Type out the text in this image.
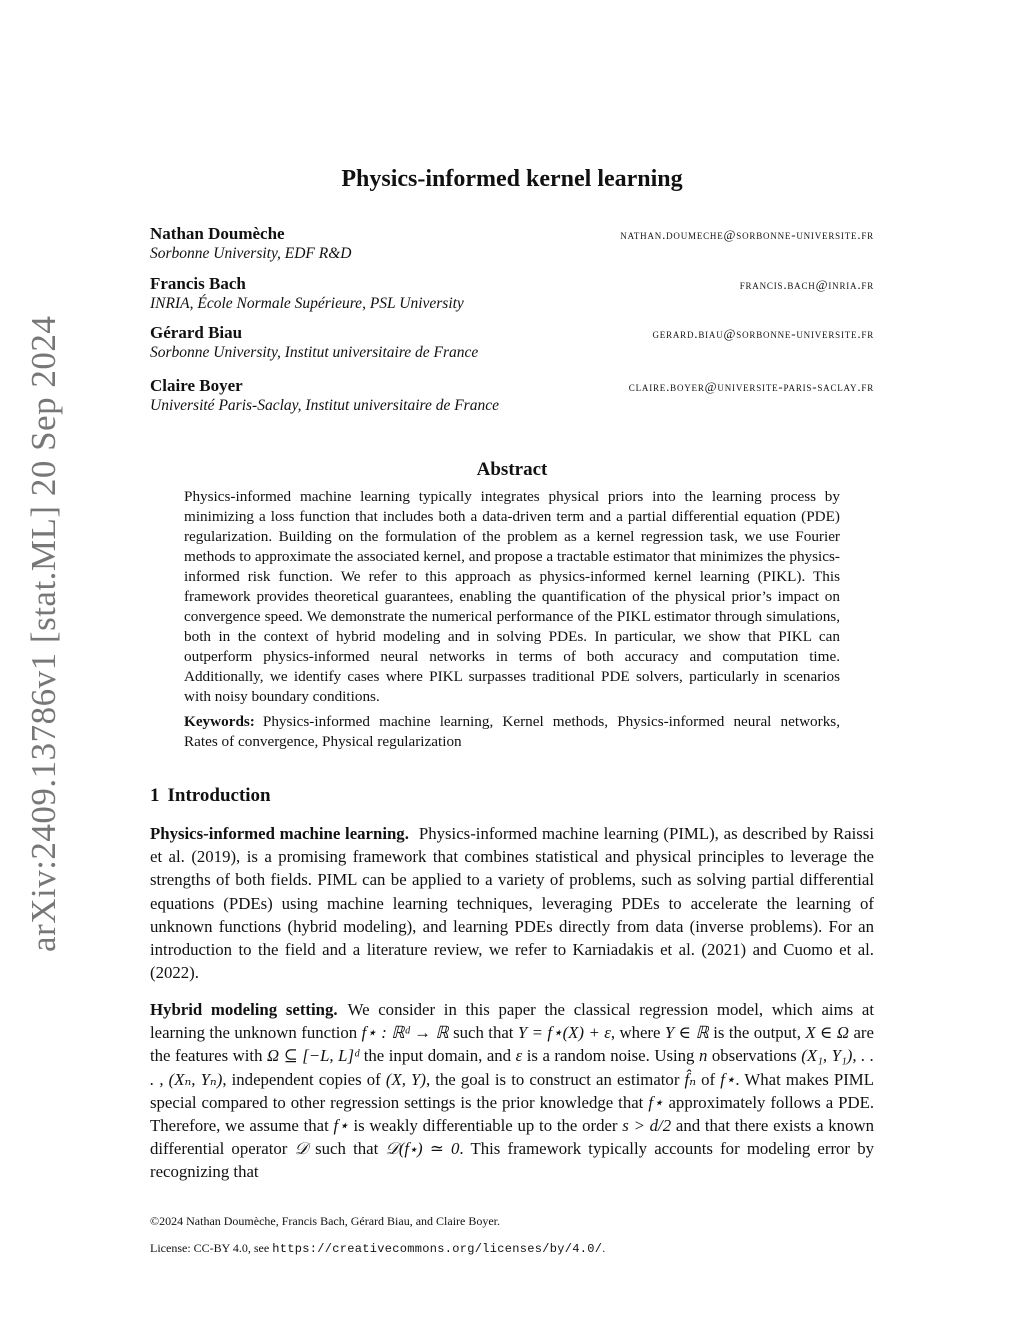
arXiv:2409.13786v1 [stat.ML] 20 Sep 2024
Physics-informed kernel learning
Nathan Doumèche	nathan.doumeche@sorbonne-universite.fr
Sorbonne University, EDF R&D
Francis Bach	francis.bach@inria.fr
INRIA, École Normale Supérieure, PSL University
Gérard Biau	gerard.biau@sorbonne-universite.fr
Sorbonne University, Institut universitaire de France
Claire Boyer	claire.boyer@universite-paris-saclay.fr
Université Paris-Saclay, Institut universitaire de France
Abstract
Physics-informed machine learning typically integrates physical priors into the learning process by minimizing a loss function that includes both a data-driven term and a partial differential equation (PDE) regularization. Building on the formulation of the problem as a kernel regression task, we use Fourier methods to approximate the associated kernel, and propose a tractable estimator that minimizes the physics-informed risk function. We refer to this approach as physics-informed kernel learning (PIKL). This framework provides theoretical guarantees, enabling the quantification of the physical prior’s impact on convergence speed. We demonstrate the numerical performance of the PIKL estimator through simulations, both in the context of hybrid modeling and in solving PDEs. In particular, we show that PIKL can outperform physics-informed neural networks in terms of both accuracy and computation time. Additionally, we identify cases where PIKL surpasses traditional PDE solvers, particularly in scenarios with noisy boundary conditions.
Keywords: Physics-informed machine learning, Kernel methods, Physics-informed neural networks, Rates of convergence, Physical regularization
1 Introduction
Physics-informed machine learning. Physics-informed machine learning (PIML), as described by Raissi et al. (2019), is a promising framework that combines statistical and physical principles to leverage the strengths of both fields. PIML can be applied to a variety of problems, such as solving partial differential equations (PDEs) using machine learning techniques, leveraging PDEs to accelerate the learning of unknown functions (hybrid modeling), and learning PDEs directly from data (inverse problems). For an introduction to the field and a literature review, we refer to Karniadakis et al. (2021) and Cuomo et al. (2022).
Hybrid modeling setting. We consider in this paper the classical regression model, which aims at learning the unknown function f⋆ : ℝᵈ → ℝ such that Y = f⋆(X) + ε, where Y ∈ ℝ is the output, X ∈ Ω are the features with Ω ⊆ [−L, L]ᵈ the input domain, and ε is a random noise. Using n observations (X₁, Y₁), . . . , (Xₙ, Yₙ), independent copies of (X, Y), the goal is to construct an estimator f̂ₙ of f⋆. What makes PIML special compared to other regression settings is the prior knowledge that f⋆ approximately follows a PDE. Therefore, we assume that f⋆ is weakly differentiable up to the order s > d/2 and that there exists a known differential operator 𝒟 such that 𝒟(f⋆) ≃ 0. This framework typically accounts for modeling error by recognizing that
©2024 Nathan Doumèche, Francis Bach, Gérard Biau, and Claire Boyer.
License: CC-BY 4.0, see https://creativecommons.org/licenses/by/4.0/.
